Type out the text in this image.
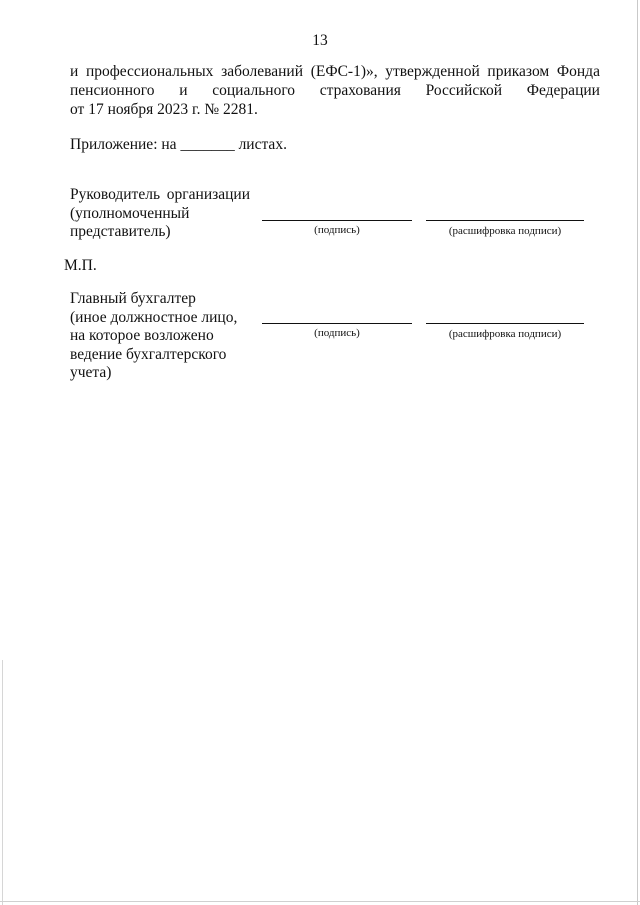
13
и профессиональных заболеваний (ЕФС-1)», утвержденной приказом Фонда
пенсионного и социального страхования Российской Федерации
от 17 ноября 2023 г. № 2281.
Приложение: на _______ листах.
Руководитель организации
(уполномоченный
представитель)	(подпись)	(расшифровка подписи)
М.П.
Главный бухгалтер
(иное должностное лицо,
на которое возложено
ведение бухгалтерского
учета)
(подпись)	(расшифровка подписи)
